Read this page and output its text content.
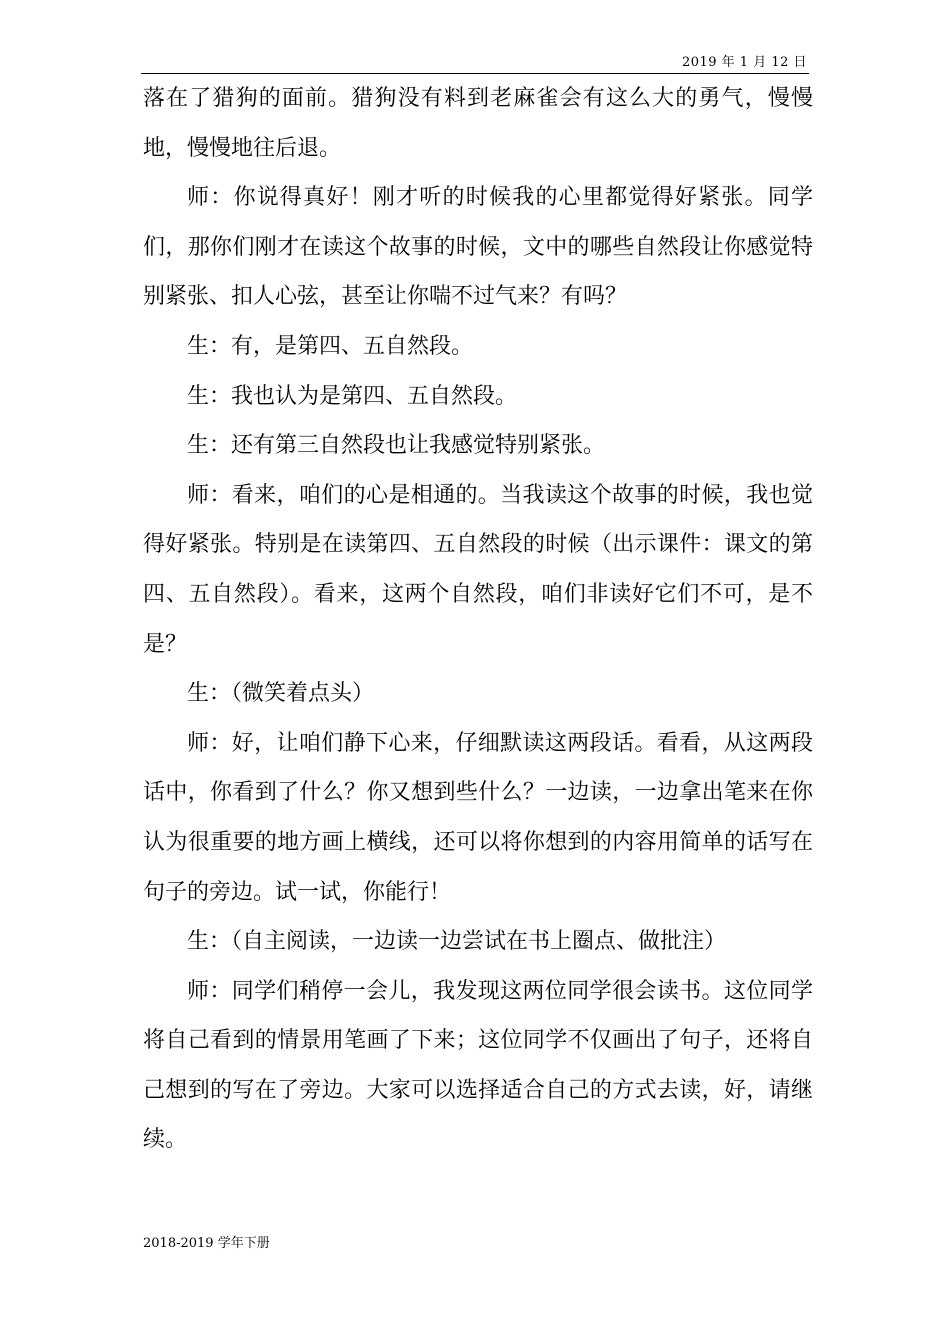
2019 年 1 月 12 日

落在了猎狗的面前。猎狗没有料到老麻雀会有这么大的勇气，慢慢地，慢慢地往后退。

师：你说得真好！刚才听的时候我的心里都觉得好紧张。同学们，那你们刚才在读这个故事的时候，文中的哪些自然段让你感觉特别紧张、扣人心弦，甚至让你喘不过气来？有吗？

生：有，是第四、五自然段。

生：我也认为是第四、五自然段。

生：还有第三自然段也让我感觉特别紧张。

师：看来，咱们的心是相通的。当我读这个故事的时候，我也觉得好紧张。特别是在读第四、五自然段的时候（出示课件：课文的第四、五自然段）。看来，这两个自然段，咱们非读好它们不可，是不是？

生：（微笑着点头）

师：好，让咱们静下心来，仔细默读这两段话。看看，从这两段话中，你看到了什么？你又想到些什么？一边读，一边拿出笔来在你认为很重要的地方画上横线，还可以将你想到的内容用简单的话写在句子的旁边。试一试，你能行！

生：（自主阅读，一边读一边尝试在书上圈点、做批注）

师：同学们稍停一会儿，我发现这两位同学很会读书。这位同学将自己看到的情景用笔画了下来；这位同学不仅画出了句子，还将自己想到的写在了旁边。大家可以选择适合自己的方式去读，好，请继续。

2018-2019 学年下册
